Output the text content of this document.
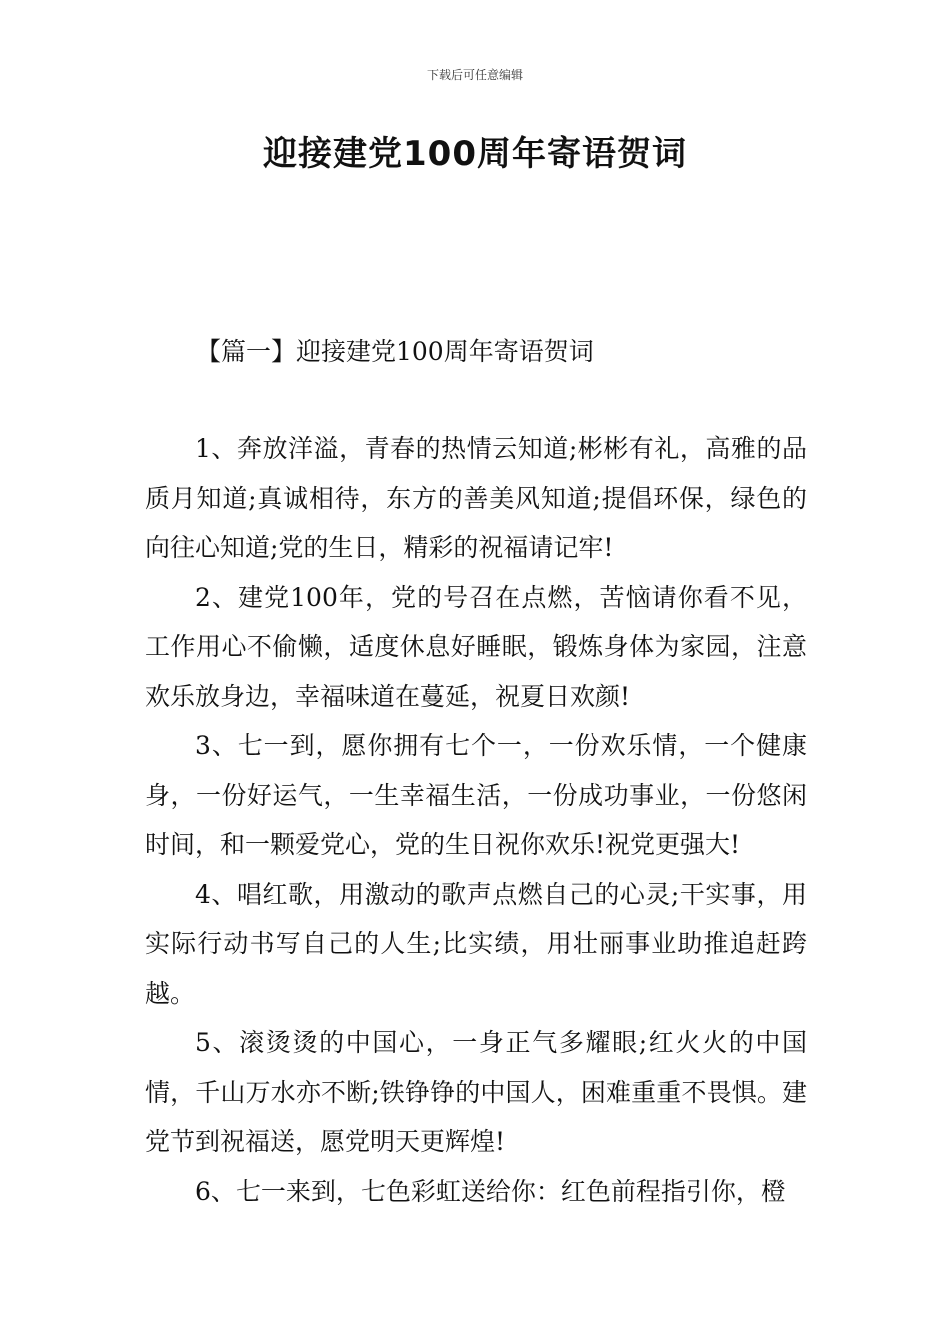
下载后可任意编辑
迎接建党100周年寄语贺词
【篇一】迎接建党100周年寄语贺词

1、奔放洋溢，青春的热情云知道;彬彬有礼，高雅的品质月知道;真诚相待，东方的善美风知道;提倡环保，绿色的向往心知道;党的生日，精彩的祝福请记牢!

2、建党100年，党的号召在点燃，苦恼请你看不见，工作用心不偷懒，适度休息好睡眠，锻炼身体为家园，注意欢乐放身边，幸福味道在蔓延，祝夏日欢颜!

3、七一到，愿你拥有七个一，一份欢乐情，一个健康身，一份好运气，一生幸福生活，一份成功事业，一份悠闲时间，和一颗爱党心，党的生日祝你欢乐!祝党更强大!

4、唱红歌，用激动的歌声点燃自己的心灵;干实事，用实际行动书写自己的人生;比实绩，用壮丽事业助推追赶跨越。

5、滚烫烫的中国心，一身正气多耀眼;红火火的中国情，千山万水亦不断;铁铮铮的中国人，困难重重不畏惧。建党节到祝福送，愿党明天更辉煌!

6、七一来到，七色彩虹送给你：红色前程指引你，橙
